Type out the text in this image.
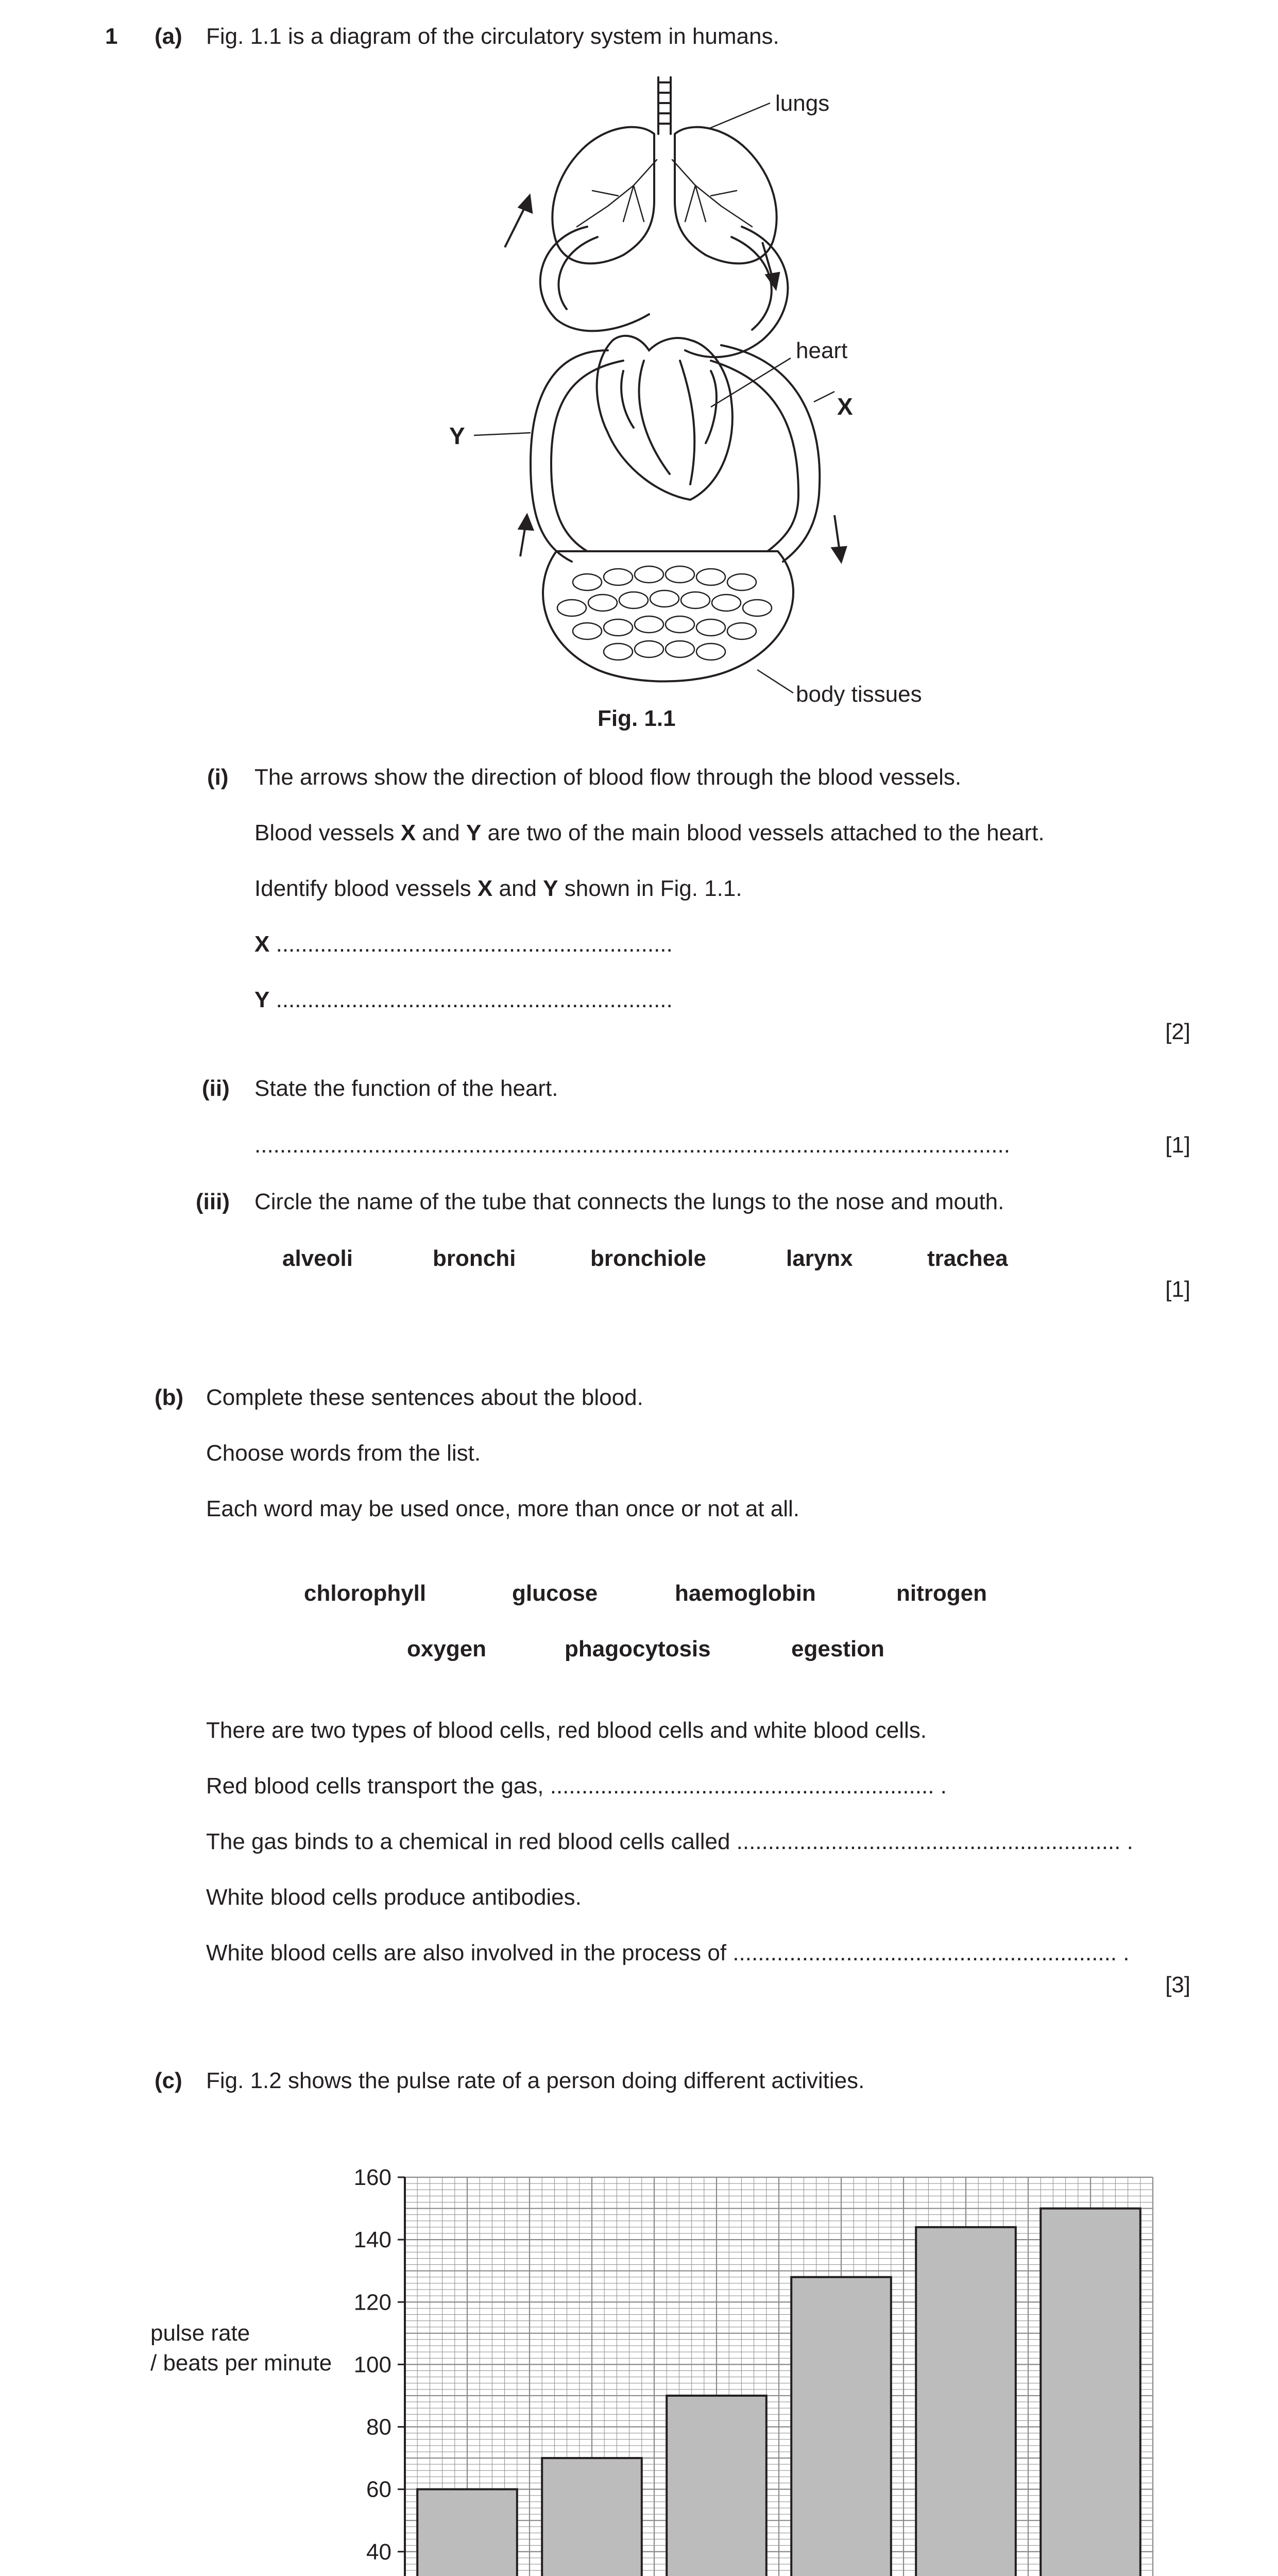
1 (a) Fig. 1.1 is a diagram of the circulatory system in humans.
lungs
heart
X
Y
body tissues
Fig. 1.1
(i) The arrows show the direction of blood flow through the blood vessels.
Blood vessels X and Y are two of the main blood vessels attached to the heart.
Identify blood vessels X and Y shown in Fig. 1.1.
X ...............................................................
Y ...............................................................
[2]
(ii) State the function of the heart.
........................................................................................................................	[1]
(iii) Circle the name of the tube that connects the lungs to the nose and mouth.
alveoli	bronchi	bronchiole	larynx	trachea
[1]
(b) Complete these sentences about the blood.
Choose words from the list.
Each word may be used once, more than once or not at all.
chlorophyll	glucose	haemoglobin	nitrogen
oxygen	phagocytosis	egestion
There are two types of blood cells, red blood cells and white blood cells.
Red blood cells transport the gas, ............................................................. .
The gas binds to a chemical in red blood cells called ............................................................. .
White blood cells produce antibodies.
White blood cells are also involved in the process of ............................................................. .
[3]
(c) Fig. 1.2 shows the pulse rate of a person doing different activities.
40
60
80
100
120
140
160
pulse rate
/ beats per minute
